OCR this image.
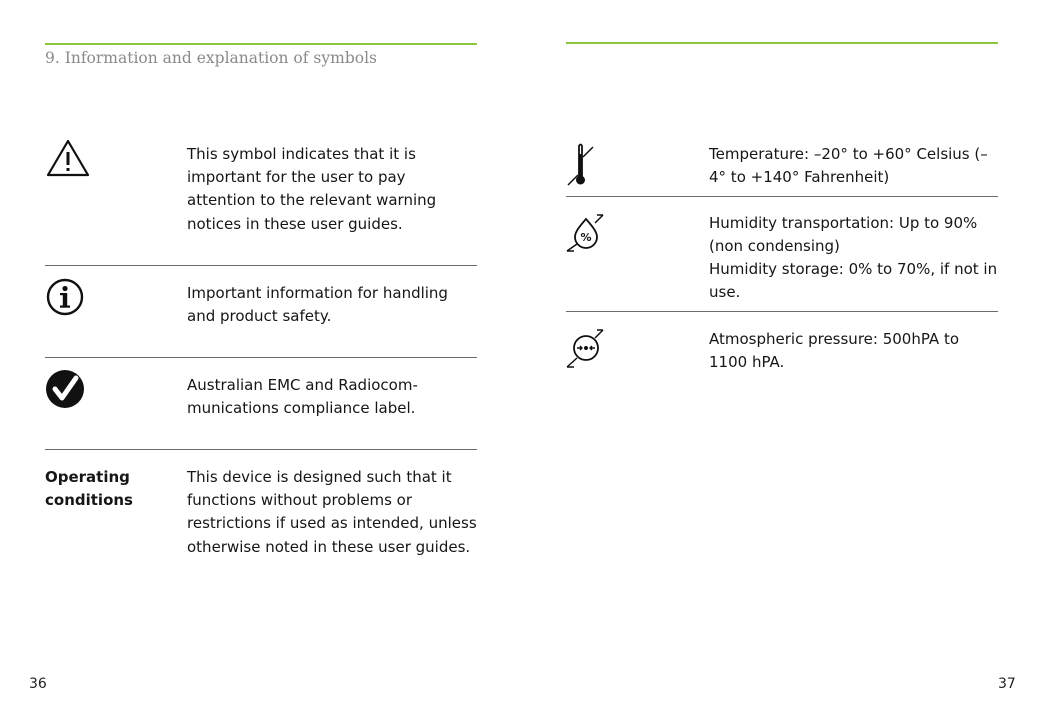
9. Information and explanation of symbols
This symbol indicates that it is important for the user to pay attention to the relevant warning notices in these user guides.
Important information for handling and product safety.
Australian EMC and Radiocom-munications compliance label.
Operating conditions
This device is designed such that it functions without problems or restrictions if used as intended, unless otherwise noted in these user guides.
36
Temperature: –20° to +60° Celsius (–4° to +140° Fahrenheit)
%
Humidity transportation: Up to 90% (non condensing)
Humidity storage: 0% to 70%, if not in use.
Atmospheric pressure: 500hPA to 1100 hPA.
37
